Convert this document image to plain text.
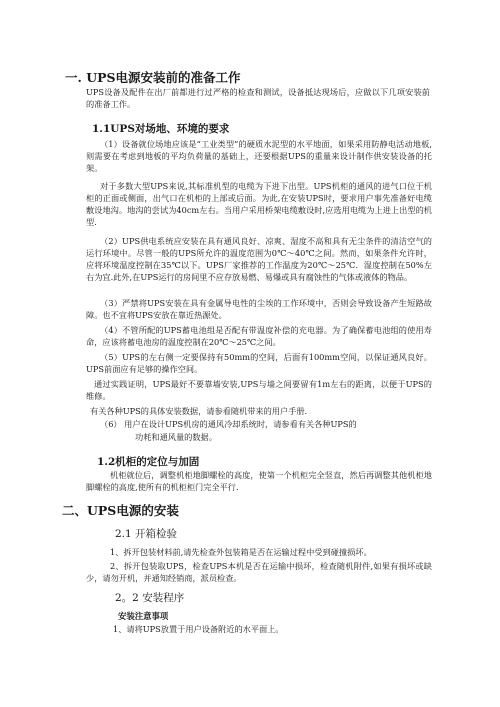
一. UPS电源安装前的准备工作
UPS设备及配件在出厂前都进行过严格的检查和测试，设备抵达现场后，应做以下几项安装前的准备工作。
1.1UPS对场地、环境的要求
（1）设备就位场地应该是“工业类型”的硬质水泥型的水平地面，如果采用防静电活动地板,则需要在考虑到地板的平均负荷量的基础上，还要根据UPS的重量来设计制作供安装设备的托架。
对于多数大型UPS来说,其标准机型的电缆为下进下出型。UPS机柜的通风的进气口位于机柜的正面或侧面，出气口在机柜的上部或后面。为此,在安装UPS时，要求用户事先准备好电缆敷设地沟。地沟的尝试为40cm左右。当用户采用桥架电缆敷设时,应选用电缆为上进上出型的机型.
（2）UPS供电系统应安装在具有通风良好、凉爽、湿度不高和具有无尘条件的清洁空气的运行环境中。尽管一般的UPS所允许的温度范围为0℃～40℃之间。然而，如果条件允许时，应将环境温度控制在35℃以下。UPS厂家推荐的工作温度为20℃～25℃．湿度控制在50%左右为宜.此外,在UPS运行的房间里不应存放易燃、易爆或具有腐蚀性的气体或液体的物品。
（3）严禁将UPS安装在具有金属导电性的尘埃的工作环境中，否则会导致设备产生短路故障。也不宜将UPS安放在靠近热源处。
（4）不管所配的UPS蓄电池组是否配有带温度补偿的充电器。为了确保蓄电池组的使用寿命，应该将蓄电池房的温度控制在20℃～25℃之间。
（5）UPS的左右侧一定要保持有50mm的空间，后面有100mm空间，以保证通风良好。UPS前面应有足够的操作空间。
通过实践证明，UPS最好不要靠墙安装,UPS与墙之间要留有1m左右的距离，以便于UPS的维修。
有关各种UPS的具体安装数据，请参看随机带来的用户手册.
（6） 用户在设计UPS机房的通风冷却系统时，请参看有关各种UPS的
功耗和通风量的数据。
1.2机柜的定位与加固
机柜就位后，调整机柜地脚螺栓的高度，使第一个机柜完全竖直，然后再调整其他机柜地脚螺栓的高度,使所有的机柜柜门完全平行.
二、UPS电源的安装
2.1 开箱检验
1、拆开包装材料前,请先检查外包装箱是否在运输过程中受到碰撞损坏。
2、拆开包装取UPS，检查UPS本机是否在运输中损坏，检查随机附件,如果有损坏或缺少，请勿开机，并通知经销商，派员检查。
2。2 安装程序
安装注意事项
1、请将UPS放置于用户设备附近的水平面上。
